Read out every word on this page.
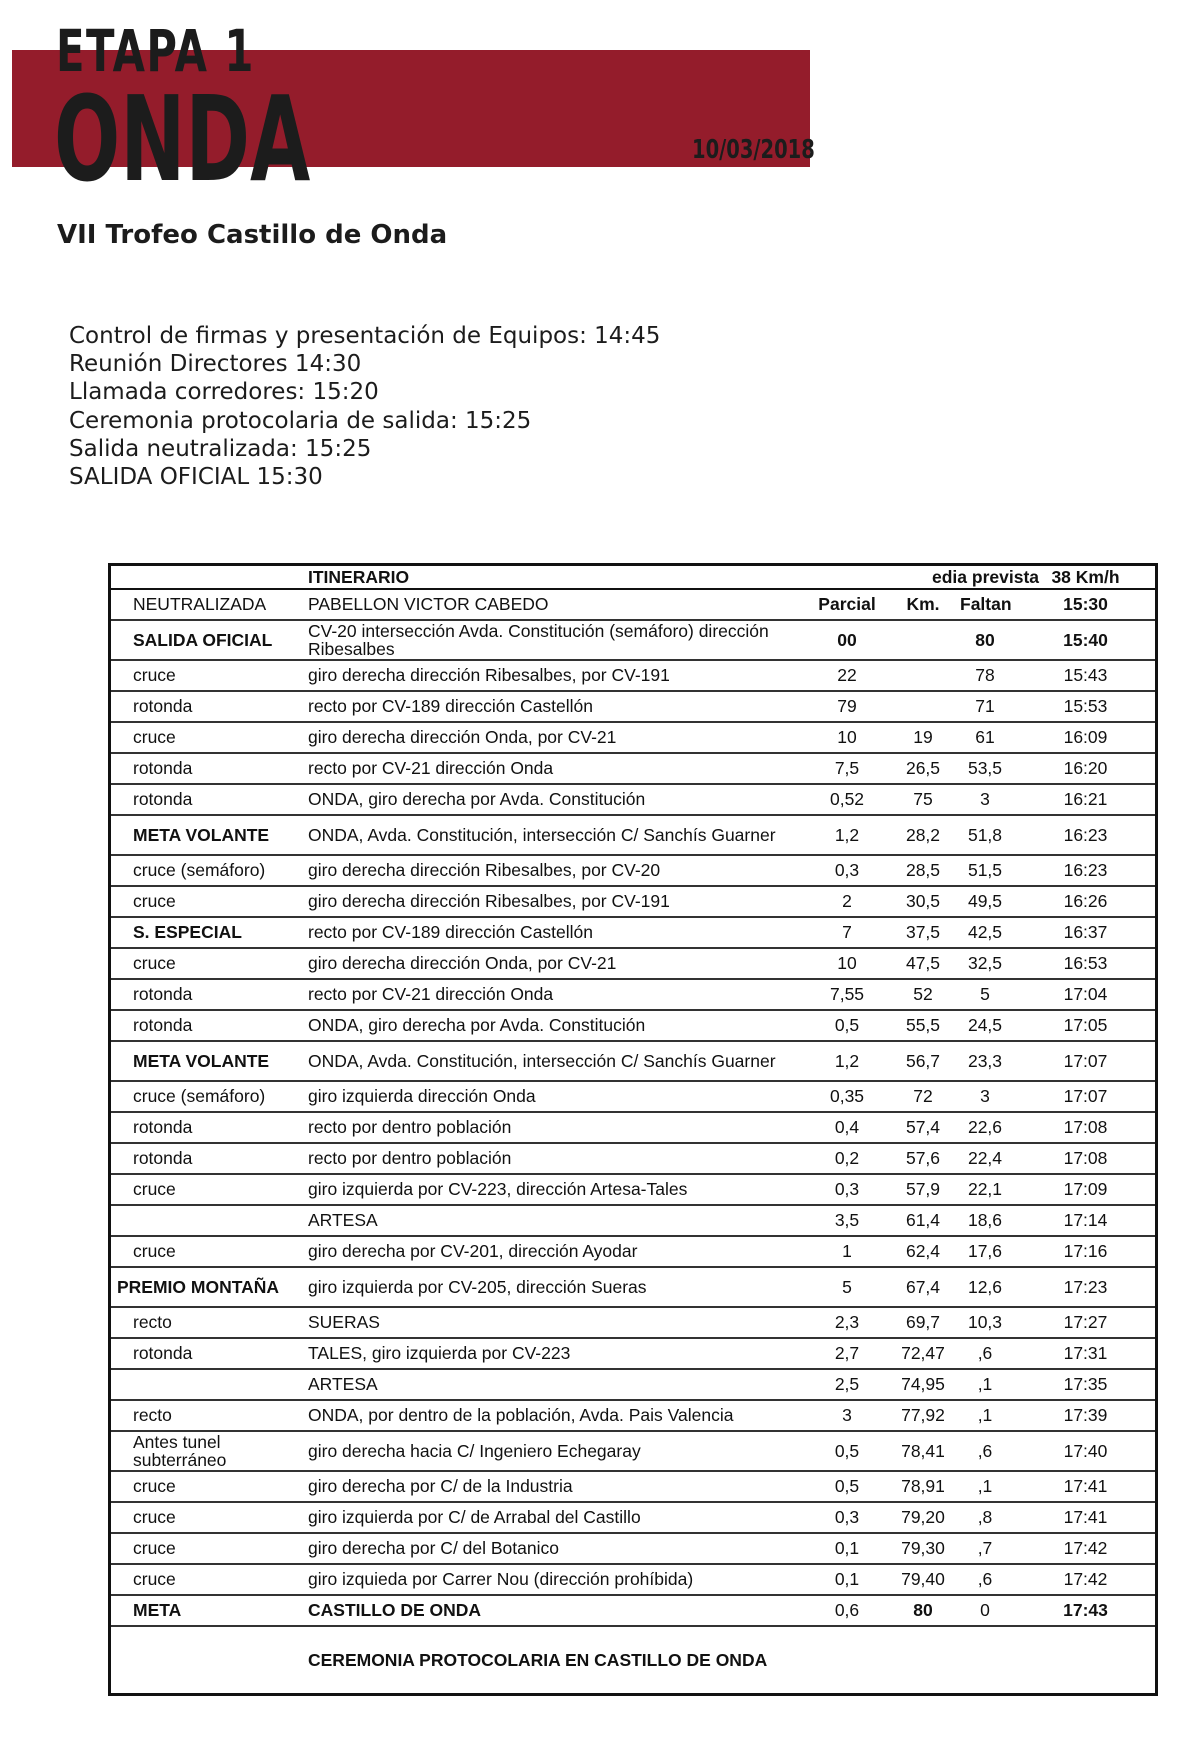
ETAPA 1
ONDA	10/03/2018
VII Trofeo Castillo de Onda
Control de firmas y presentación de Equipos: 14:45
Reunión Directores 14:30
Llamada corredores: 15:20
Ceremonia protocolaria de salida: 15:25
Salida neutralizada: 15:25
SALIDA OFICIAL 15:30
	ITINERARIO		edia prevista		38 Km/h
NEUTRALIZADA	PABELLON VICTOR CABEDO	Parcial	Km.	Faltan	15:30
SALIDA OFICIAL	CV-20 intersección Avda. Constitución (semáforo) dirección Ribesalbes	00		80	15:40
cruce	giro derecha dirección Ribesalbes, por CV-191	22		78	15:43
rotonda	recto por CV-189 dirección Castellón	79		71	15:53
cruce	giro derecha dirección Onda, por CV-21	10	19	61	16:09
rotonda	recto por CV-21 dirección Onda	7,5	26,5	53,5	16:20
rotonda	ONDA, giro derecha por Avda. Constitución	0,52	75	3	16:21
META VOLANTE	ONDA, Avda. Constitución, intersección C/ Sanchís Guarner	1,2	28,2	51,8	16:23
cruce (semáforo)	giro derecha dirección Ribesalbes, por CV-20	0,3	28,5	51,5	16:23
cruce	giro derecha dirección Ribesalbes, por CV-191	2	30,5	49,5	16:26
S. ESPECIAL	recto por CV-189 dirección Castellón	7	37,5	42,5	16:37
cruce	giro derecha dirección Onda, por CV-21	10	47,5	32,5	16:53
rotonda	recto por CV-21 dirección Onda	7,55	52	5	17:04
rotonda	ONDA, giro derecha por Avda. Constitución	0,5	55,5	24,5	17:05
META VOLANTE	ONDA, Avda. Constitución, intersección C/ Sanchís Guarner	1,2	56,7	23,3	17:07
cruce (semáforo)	giro izquierda dirección Onda	0,35	72	3	17:07
rotonda	recto por dentro población	0,4	57,4	22,6	17:08
rotonda	recto por dentro población	0,2	57,6	22,4	17:08
cruce	giro izquierda por CV-223, dirección Artesa-Tales	0,3	57,9	22,1	17:09
	ARTESA	3,5	61,4	18,6	17:14
cruce	giro derecha por CV-201, dirección Ayodar	1	62,4	17,6	17:16
PREMIO MONTAÑA	giro izquierda por CV-205, dirección Sueras	5	67,4	12,6	17:23
recto	SUERAS	2,3	69,7	10,3	17:27
rotonda	TALES, giro izquierda por CV-223	2,7	72,47	,6	17:31
	ARTESA	2,5	74,95	,1	17:35
recto	ONDA, por dentro de la población, Avda. Pais Valencia	3	77,92	,1	17:39
Antes tunel subterráneo	giro derecha hacia C/ Ingeniero Echegaray	0,5	78,41	,6	17:40
cruce	giro derecha por C/ de la Industria	0,5	78,91	,1	17:41
cruce	giro izquierda por C/ de Arrabal del Castillo	0,3	79,20	,8	17:41
cruce	giro derecha por C/ del Botanico	0,1	79,30	,7	17:42
cruce	giro izquieda por Carrer Nou (dirección prohíbida)	0,1	79,40	,6	17:42
META	CASTILLO DE ONDA	0,6	80	0	17:43
	CEREMONIA PROTOCOLARIA EN CASTILLO DE ONDA				
